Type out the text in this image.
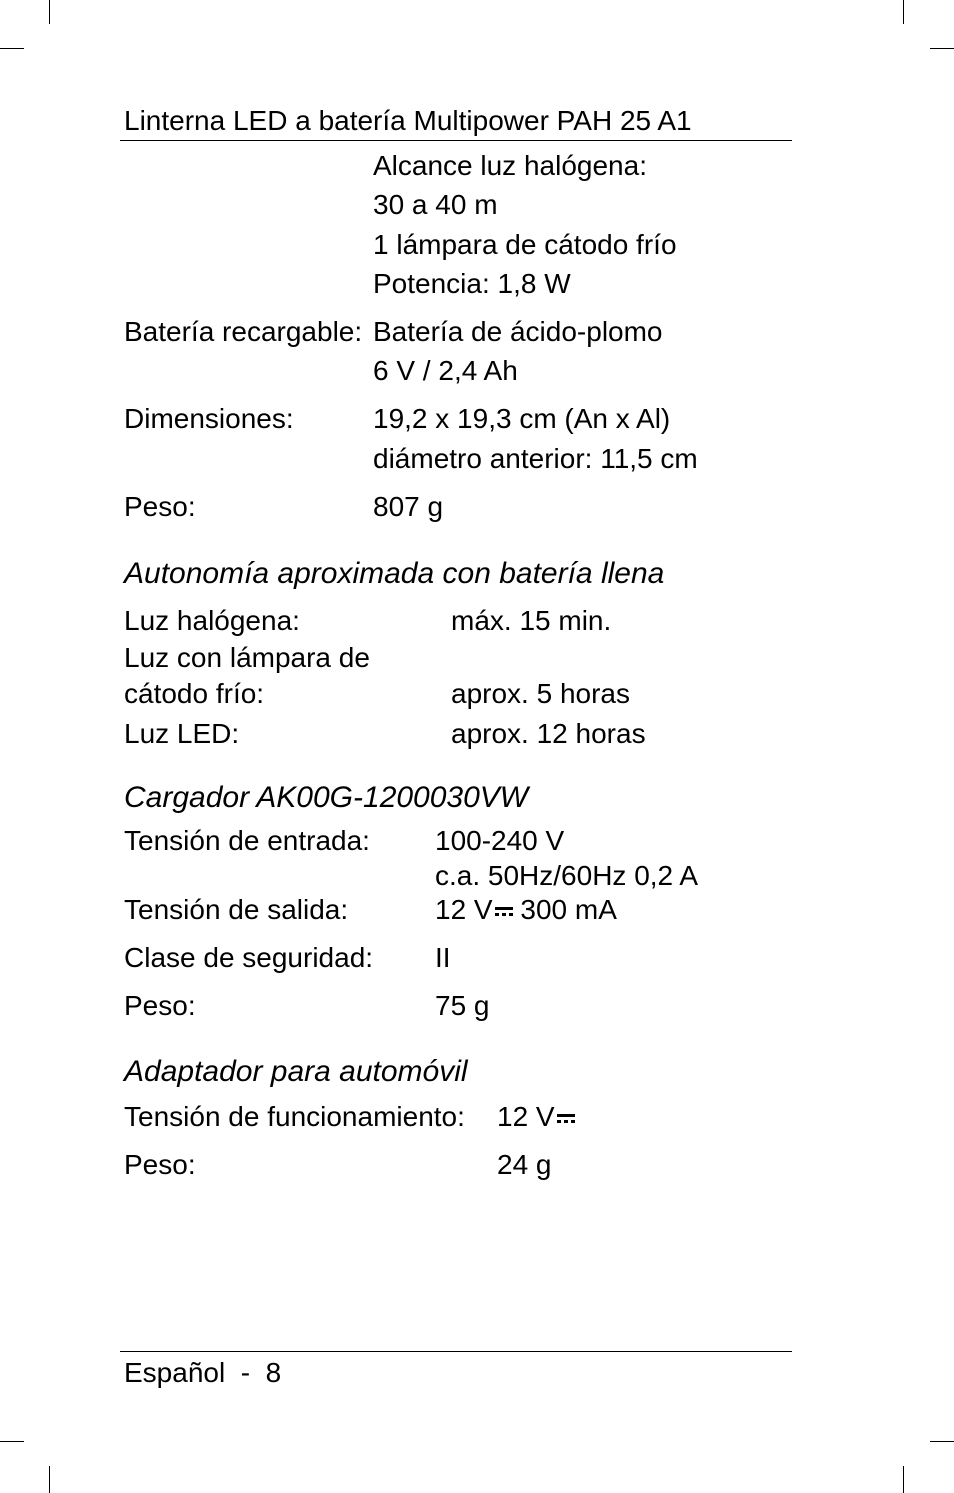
Linterna LED a batería Multipower PAH 25 A1
Alcance luz halógena:
30 a 40 m
1 lámpara de cátodo frío
Potencia: 1,8 W
Batería recargable: Batería de ácido-plomo
6 V / 2,4 Ah
Dimensiones:	19,2 x 19,3 cm (An x Al)
diámetro anterior: 11,5 cm
Peso:	807 g
Autonomía aproximada con batería llena
Luz halógena:	máx. 15 min.
Luz con lámpara de
cátodo frío:	aprox. 5 horas
Luz LED:	aprox. 12 horas
Cargador AK00G-1200030VW
Tensión de entrada: 100-240 V
c.a. 50Hz/60Hz 0,2 A
Tensión de salida:	12 V 300 mA
Clase de seguridad: II
Peso:	75 g
Adaptador para automóvil
Tensión de funcionamiento: 12 V
Peso:	24 g
Español  -  8
